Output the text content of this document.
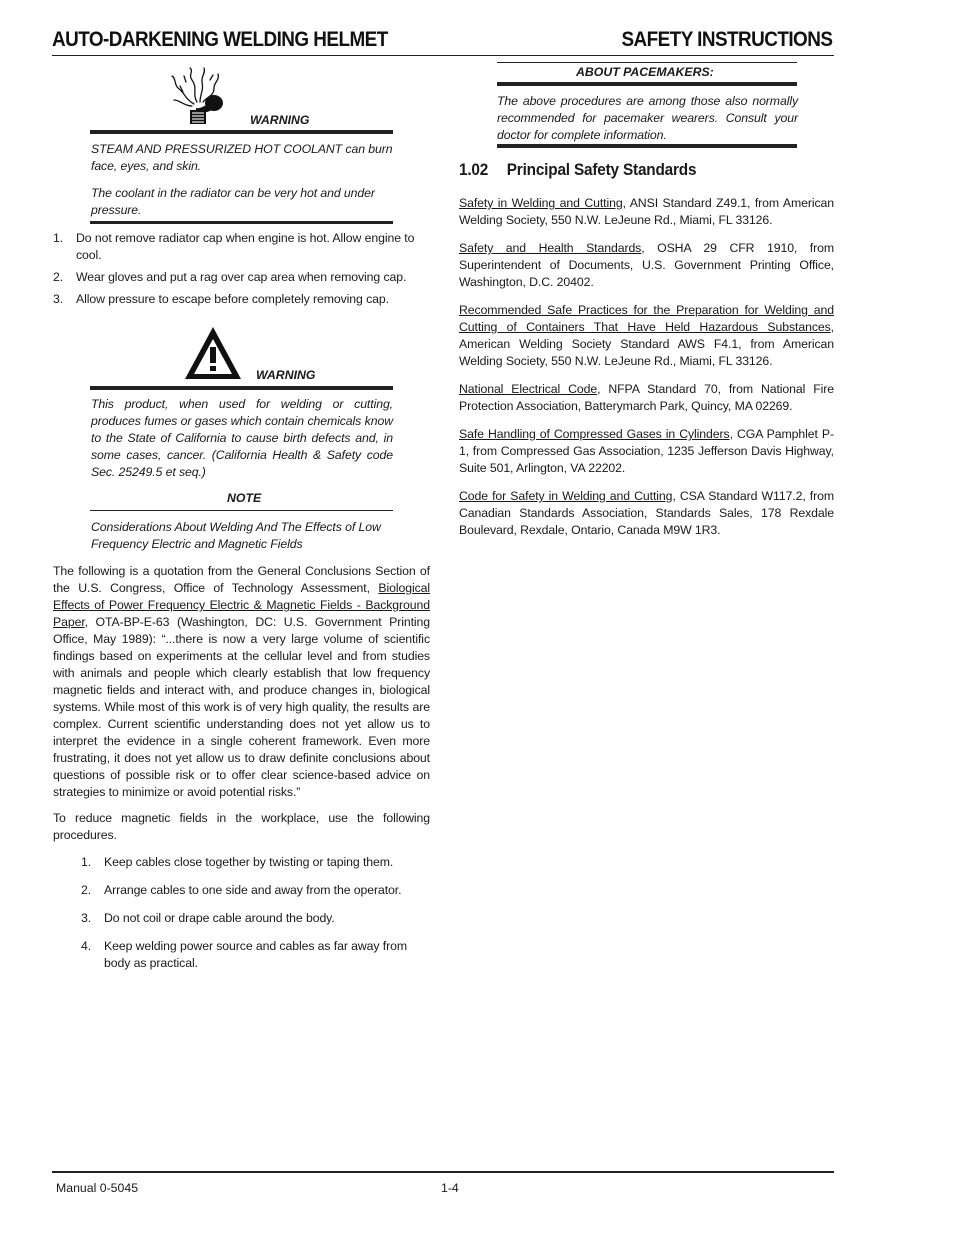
AUTO-DARKENING WELDING HELMET	SAFETY INSTRUCTIONS
WARNING
STEAM AND PRESSURIZED HOT COOLANT can burn face, eyes, and skin.
The coolant in the radiator can be very hot and under pressure.
1. Do not remove radiator cap when engine is hot. Allow engine to cool.
2. Wear gloves and put a rag over cap area when removing cap.
3. Allow pressure to escape before completely removing cap.
WARNING
This product, when used for welding or cutting, produces fumes or gases which contain chemicals know to the State of California to cause birth defects and, in some cases, cancer. (California Health & Safety code Sec. 25249.5 et seq.)
NOTE
Considerations About Welding And The Effects of Low Frequency Electric and Magnetic Fields
The following is a quotation from the General Conclusions Section of the U.S. Congress, Office of Technology Assessment, Biological Effects of Power Frequency Electric & Magnetic Fields - Background Paper, OTA-BP-E-63 (Washington, DC: U.S. Government Printing Office, May 1989): “...there is now a very large volume of scientific findings based on experiments at the cellular level and from studies with animals and people which clearly establish that low frequency magnetic fields and interact with, and produce changes in, biological systems. While most of this work is of very high quality, the results are complex. Current scientific understanding does not yet allow us to interpret the evidence in a single coherent framework. Even more frustrating, it does not yet allow us to draw definite conclusions about questions of possible risk or to offer clear science-based advice on strategies to minimize or avoid potential risks.”
To reduce magnetic fields in the workplace, use the following procedures.
1. Keep cables close together by twisting or taping them.
2. Arrange cables to one side and away from the operator.
3. Do not coil or drape cable around the body.
4. Keep welding power source and cables as far away from body as practical.
ABOUT PACEMAKERS:
The above procedures are among those also normally recommended for pacemaker wearers. Consult your doctor for complete information.
1.02 Principal Safety Standards
Safety in Welding and Cutting, ANSI Standard Z49.1, from American Welding Society, 550 N.W. LeJeune Rd., Miami, FL 33126.
Safety and Health Standards, OSHA 29 CFR 1910, from Superintendent of Documents, U.S. Government Printing Office, Washington, D.C. 20402.
Recommended Safe Practices for the Preparation for Welding and Cutting of Containers That Have Held Hazardous Substances, American Welding Society Standard AWS F4.1, from American Welding Society, 550 N.W. LeJeune Rd., Miami, FL 33126.
National Electrical Code, NFPA Standard 70, from National Fire Protection Association, Batterymarch Park, Quincy, MA 02269.
Safe Handling of Compressed Gases in Cylinders, CGA Pamphlet P-1, from Compressed Gas Association, 1235 Jefferson Davis Highway, Suite 501, Arlington, VA 22202.
Code for Safety in Welding and Cutting, CSA Standard W117.2, from Canadian Standards Association, Standards Sales, 178 Rexdale Boulevard, Rexdale, Ontario, Canada M9W 1R3.
Manual 0-5045	1-4
